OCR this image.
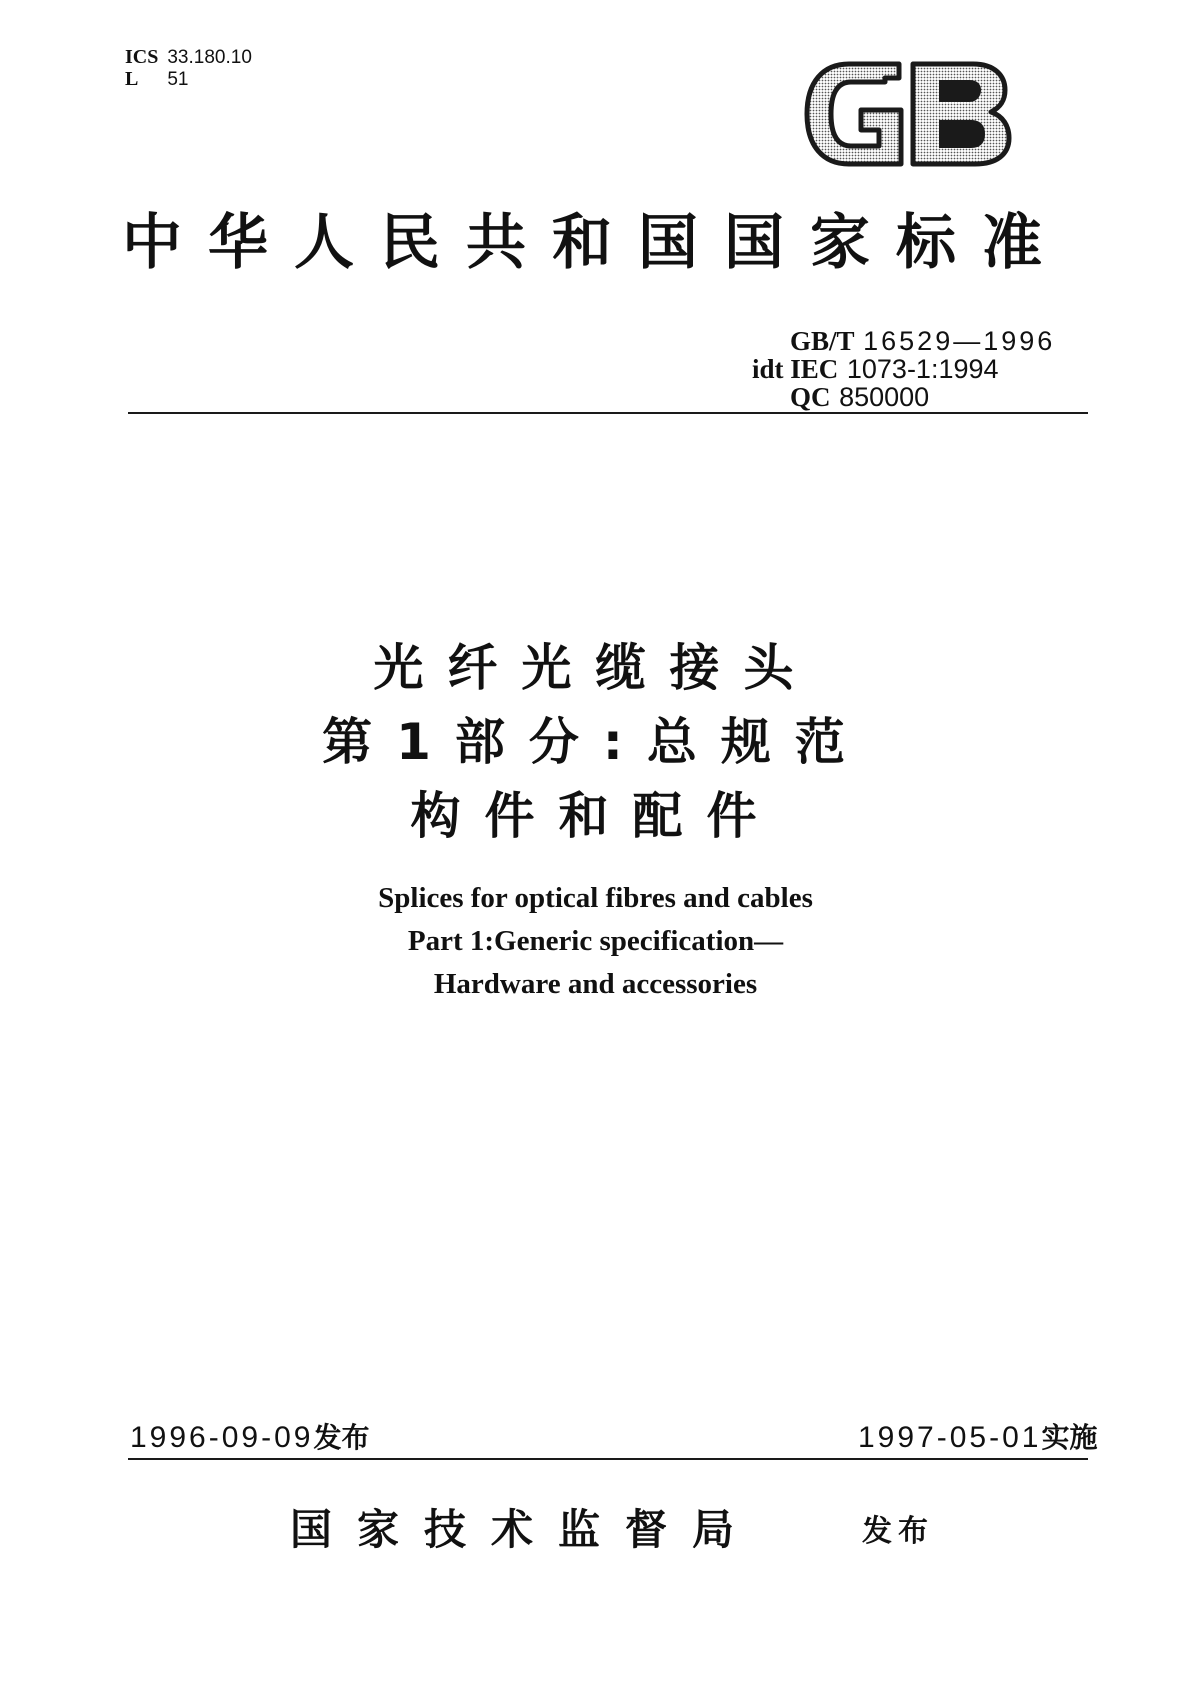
ICS 33.180.10
L 51
中华人民共和国国家标准
GB/T 16529—1996
idt IEC 1073-1:1994
QC 850000
光纤光缆接头
第1部分:总规范
构件和配件
Splices for optical fibres and cables
Part 1:Generic specification—
Hardware and accessories
1996-09-09发布	1997-05-01实施
国家技术监督局	发布
